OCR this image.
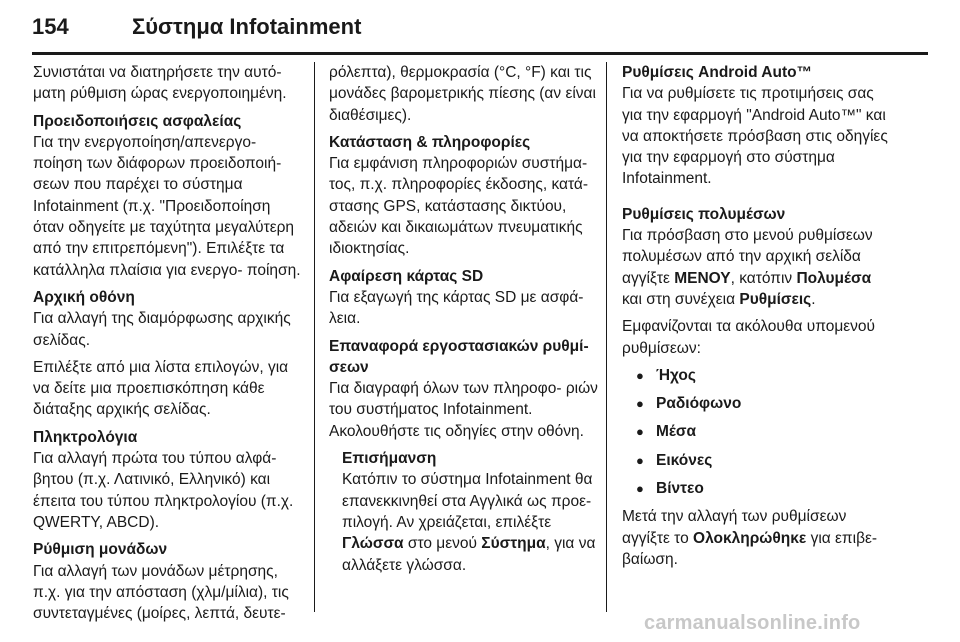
154	Σύστημα Infotainment

Συνιστάται να διατηρήσετε την αυτό- ματη ρύθμιση ώρας ενεργοποιημένη.

Προειδοποιήσεις ασφαλείας
Για την ενεργοποίηση/απενεργο- ποίηση των διάφορων προειδοποιή- σεων που παρέχει το σύστημα Infotainment (π.χ. "Προειδοποίηση όταν οδηγείτε με ταχύτητα μεγαλύτερη από την επιτρεπόμενη"). Επιλέξτε τα κατάλληλα πλαίσια για ενεργο- ποίηση.
Αρχική οθόνη
Για αλλαγή της διαμόρφωσης αρχικής σελίδας.

Επιλέξτε από μια λίστα επιλογών, για να δείτε μια προεπισκόπηση κάθε διάταξης αρχικής σελίδας.

Πληκτρολόγια
Για αλλαγή πρώτα του τύπου αλφά- βητου (π.χ. Λατινικό, Ελληνικό) και έπειτα του τύπου πληκτρολογίου (π.χ. QWERTY, ABCD).
Ρύθμιση μονάδων
Για αλλαγή των μονάδων μέτρησης, π.χ. για την απόσταση (χλμ/μίλια), τις συντεταγμένες (μοίρες, λεπτά, δευτε-

ρόλεπτα), θερμοκρασία (°C, °F) και τις μονάδες βαρομετρικής πίεσης (αν είναι διαθέσιμες).

Κατάσταση & πληροφορίες
Για εμφάνιση πληροφοριών συστήμα- τος, π.χ. πληροφορίες έκδοσης, κατά- στασης GPS, κατάστασης δικτύου, αδειών και δικαιωμάτων πνευματικής ιδιοκτησίας.
Αφαίρεση κάρτας SD
Για εξαγωγή της κάρτας SD με ασφά- λεια.
Επαναφορά εργοστασιακών ρυθμί- σεων
Για διαγραφή όλων των πληροφο- ριών του συστήματος Infotainment. Ακολουθήστε τις οδηγίες στην οθόνη.
Επισήμανση
Κατόπιν το σύστημα Infotainment θα επανεκκινηθεί στα Αγγλικά ως προε- πιλογή. Αν χρειάζεται, επιλέξτε Γλώσσα στο μενού Σύστημα, για να αλλάξετε γλώσσα.
Ρυθμίσεις Android Auto™
Για να ρυθμίσετε τις προτιμήσεις σας για την εφαρμογή "Android Auto™" και να αποκτήσετε πρόσβαση στις οδηγίες για την εφαρμογή στο σύστημα Infotainment.
Ρυθμίσεις πολυμέσων
Για πρόσβαση στο μενού ρυθμίσεων πολυμέσων από την αρχική σελίδα αγγίξτε ΜΕΝΟΥ, κατόπιν Πολυμέσα και στη συνέχεια Ρυθμίσεις.

Εμφανίζονται τα ακόλουθα υπομενού ρυθμίσεων:

● Ήχος
● Ραδιόφωνο
● Μέσα
● Εικόνες
● Βίντεο

Μετά την αλλαγή των ρυθμίσεων αγγίξτε το Ολοκληρώθηκε για επιβε- βαίωση.

carmanualsonline.info
